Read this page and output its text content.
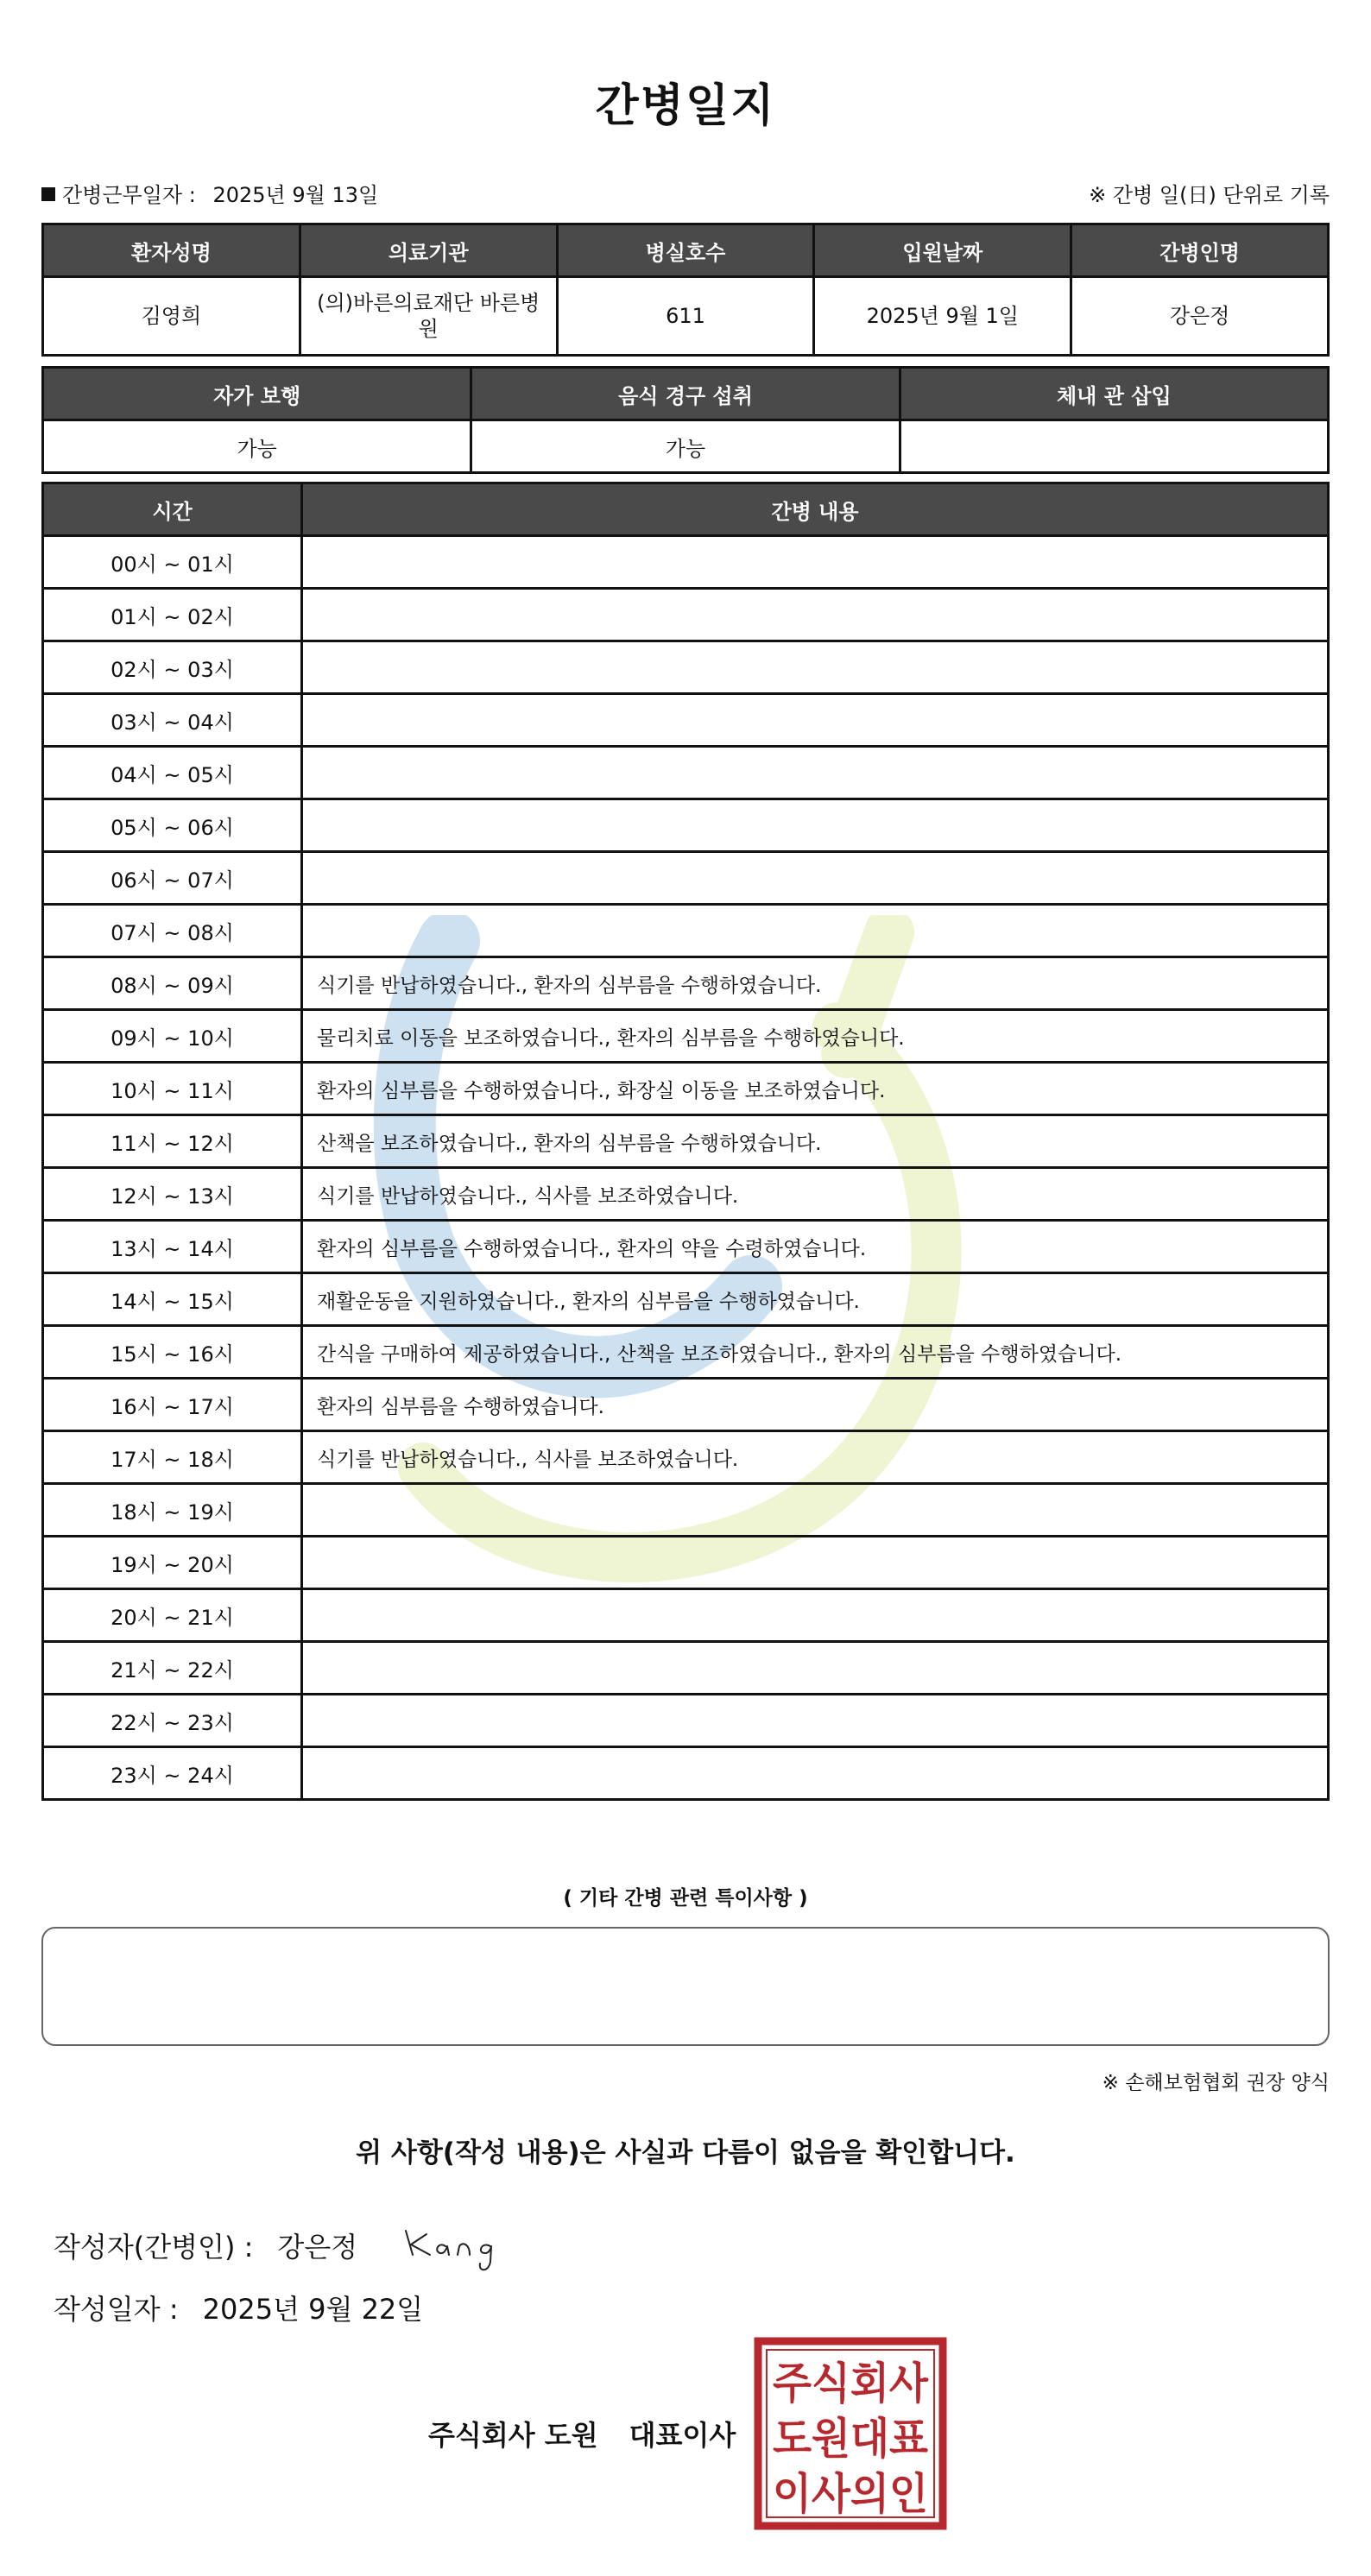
간병일지
간병근무일자 : 2025년 9월 13일	※ 간병 일(日) 단위로 기록
환자성명	의료기관	병실호수	입원날짜	간병인명
김영희	(의)바른의료재단 바른병원	611	2025년 9월 1일	강은정
자가 보행	음식 경구 섭취	체내 관 삽입
가능	가능	
시간	간병 내용
00시 ~ 01시	
01시 ~ 02시	
02시 ~ 03시	
03시 ~ 04시	
04시 ~ 05시	
05시 ~ 06시	
06시 ~ 07시	
07시 ~ 08시	
08시 ~ 09시	식기를 반납하였습니다., 환자의 심부름을 수행하였습니다.
09시 ~ 10시	물리치료 이동을 보조하였습니다., 환자의 심부름을 수행하였습니다.
10시 ~ 11시	환자의 심부름을 수행하였습니다., 화장실 이동을 보조하였습니다.
11시 ~ 12시	산책을 보조하였습니다., 환자의 심부름을 수행하였습니다.
12시 ~ 13시	식기를 반납하였습니다., 식사를 보조하였습니다.
13시 ~ 14시	환자의 심부름을 수행하였습니다., 환자의 약을 수령하였습니다.
14시 ~ 15시	재활운동을 지원하였습니다., 환자의 심부름을 수행하였습니다.
15시 ~ 16시	간식을 구매하여 제공하였습니다., 산책을 보조하였습니다., 환자의 심부름을 수행하였습니다.
16시 ~ 17시	환자의 심부름을 수행하였습니다.
17시 ~ 18시	식기를 반납하였습니다., 식사를 보조하였습니다.
18시 ~ 19시	
19시 ~ 20시	
20시 ~ 21시	
21시 ~ 22시	
22시 ~ 23시	
23시 ~ 24시	
( 기타 간병 관련 특이사항 )
※ 손해보험협회 권장 양식
위 사항(작성 내용)은 사실과 다름이 없음을 확인합니다.
작성자(간병인) : 강은정
작성일자 : 2025년 9월 22일
주식회사 도원 대표이사
주식회사
도원대표
이사의인
